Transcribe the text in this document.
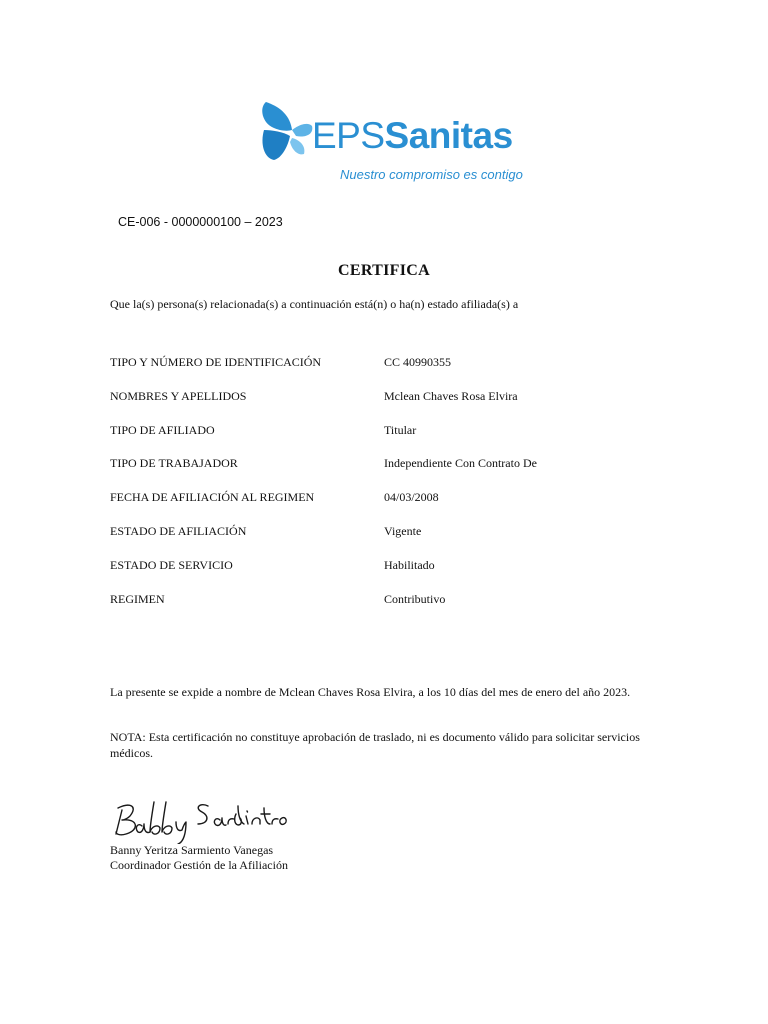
EPSSanitas
Nuestro compromiso es contigo
CE-006 - 0000000100 – 2023
CERTIFICA
Que la(s) persona(s) relacionada(s) a continuación está(n) o ha(n) estado afiliada(s) a
TIPO Y NÚMERO DE IDENTIFICACIÓN	CC 40990355
NOMBRES Y APELLIDOS	Mclean Chaves Rosa Elvira
TIPO DE AFILIADO	Titular
TIPO DE TRABAJADOR	Independiente Con Contrato De
FECHA DE AFILIACIÓN AL REGIMEN	04/03/2008
ESTADO DE AFILIACIÓN	Vigente
ESTADO DE SERVICIO	Habilitado
REGIMEN	Contributivo
La presente se expide a nombre de Mclean Chaves Rosa Elvira, a los 10 días del mes de enero del año 2023.
NOTA: Esta certificación no constituye aprobación de traslado, ni es documento válido para solicitar servicios médicos.
Banny Yeritza Sarmiento Vanegas
Coordinador Gestión de la Afiliación
